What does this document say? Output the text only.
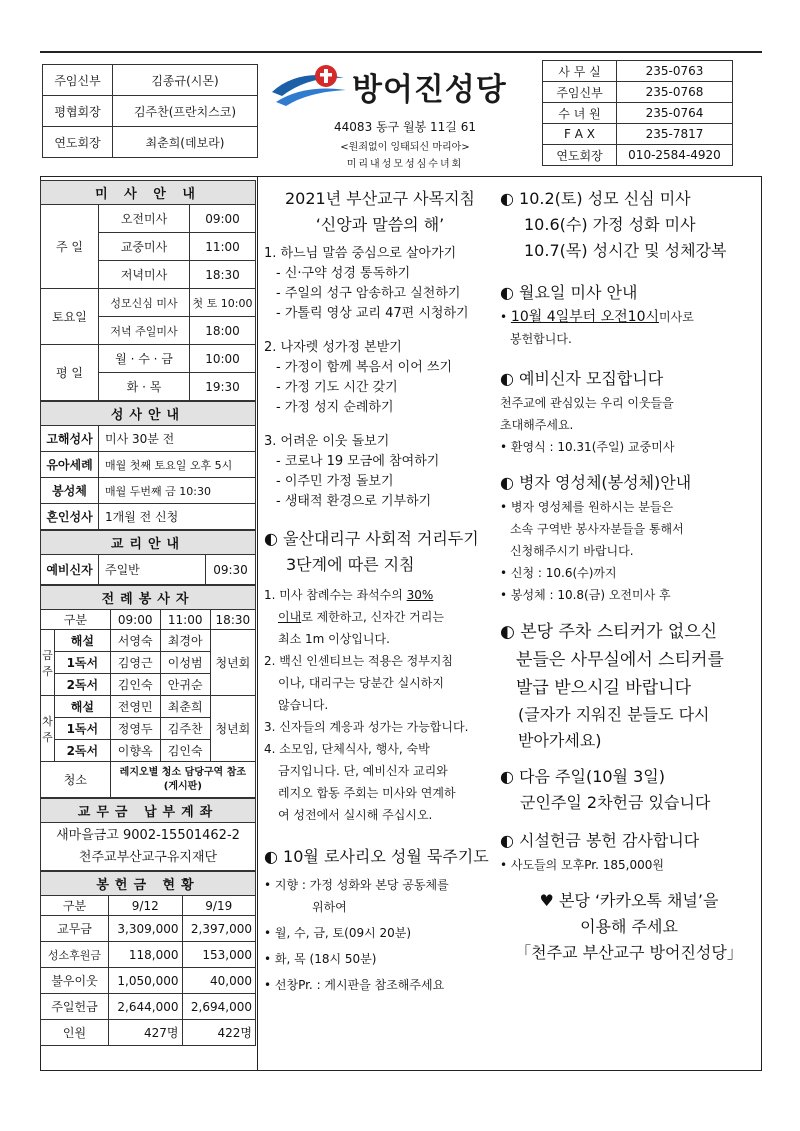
주임신부	김종규(시몬)
평협회장	김주찬(프란치스코)
연도회장	최춘희(데보라)
방어진성당
44083 동구 월봉 11길 61
<원죄없이 잉태되신 마리아>
미리내성모성심수녀회
사 무 실	235-0763
주임신부	235-0768
수 녀 원	235-0764
F A X	235-7817
연도회장	010-2584-4920
미 사 안 내		
주 일	오전미사	09:00
	교중미사	11:00
	저녁미사	18:30
토요일	성모신심 미사	첫 토 10:00
	저녁 주일미사	18:00
평 일	월 · 수 · 금	10:00
	화 · 목	19:30
성사안내	
고해성사	미사 30분 전
유아세례	매월 첫째 토요일 오후 5시
봉성체	매월 두번째 금 10:30
혼인성사	1개월 전 신청
교리안내
예비신자	주일반	09:30
전례봉사자				
구분		09:00	11:00	18:30
금 주	해설	서영숙	최경아	청년회
	1독서	김영근	이성범	
	2독서	김인숙	안귀순	
차 주	해설	전영민	최춘희	청년회
	1독서	정영두	김주찬	
	2독서	이향옥	김인숙	
청소		레지오별 청소 담당구역 참조
(게시판)		
교무금 납부계좌

새마을금고 9002-15501462-2
천주교부산교구유지재단
봉헌금 현황		
구분	9/12	9/19
교무금	3,309,000	2,397,000
성소후원금	118,000	153,000
불우이웃	1,050,000	40,000
주일헌금	2,644,000	2,694,000
인원	427명	422명
2021년 부산교구 사목지침
‘신앙과 말씀의 해’
1. 하느님 말씀 중심으로 살아가기
- 신·구약 성경 통독하기
- 주일의 성구 암송하고 실천하기
- 가톨릭 영상 교리 47편 시청하기
2. 나자렛 성가정 본받기
- 가정이 함께 복음서 이어 쓰기
- 가정 기도 시간 갖기
- 가정 성지 순례하기
3. 어려운 이웃 돌보기
- 코로나 19 모금에 참여하기
- 이주민 가정 돌보기
- 생태적 환경으로 기부하기
◐ 울산대리구 사회적 거리두기
3단계에 따른 지침
1. 미사 참례수는 좌석수의 30%
이내로 제한하고, 신자간 거리는
최소 1m 이상입니다.
2. 백신 인센티브는 적용은 정부지침
이나, 대리구는 당분간 실시하지
않습니다.
3. 신자들의 계응과 성가는 가능합니다.
4. 소모임, 단체식사, 행사, 숙박
금지입니다. 단, 예비신자 교리와
레지오 합동 주회는 미사와 연계하
여 성전에서 실시해 주십시오.
◐ 10월 로사리오 성월 묵주기도
• 지향 : 가정 성화와 본당 공동체를
위하여
• 월, 수, 금, 토(09시 20분)
• 화, 목 (18시 50분)
• 선창Pr. : 게시판을 참조해주세요
◐ 10.2(토) 성모 신심 미사
10.6(수) 가정 성화 미사
10.7(목) 성시간 및 성체강복
◐ 월요일 미사 안내
• 10월 4일부터 오전10시미사로
봉헌합니다.
◐ 예비신자 모집합니다
천주교에 관심있는 우리 이웃들을
초대해주세요.
• 환영식 : 10.31(주일) 교중미사
◐ 병자 영성체(봉성체)안내
• 병자 영성체를 원하시는 분들은
소속 구역반 봉사자분들을 통해서
신청해주시기 바랍니다.
• 신청 : 10.6(수)까지
• 봉성체 : 10.8(금) 오전미사 후
◐ 본당 주차 스티커가 없으신
분들은 사무실에서 스티커를
발급 받으시길 바랍니다
(글자가 지워진 분들도 다시
받아가세요)
◐ 다음 주일(10월 3일)
군인주일 2차헌금 있습니다
◐ 시설헌금 봉헌 감사합니다
• 사도들의 모후Pr. 185,000원
♥ 본당 ‘카카오톡 채널’을
이용해 주세요
「천주교 부산교구 방어진성당」
